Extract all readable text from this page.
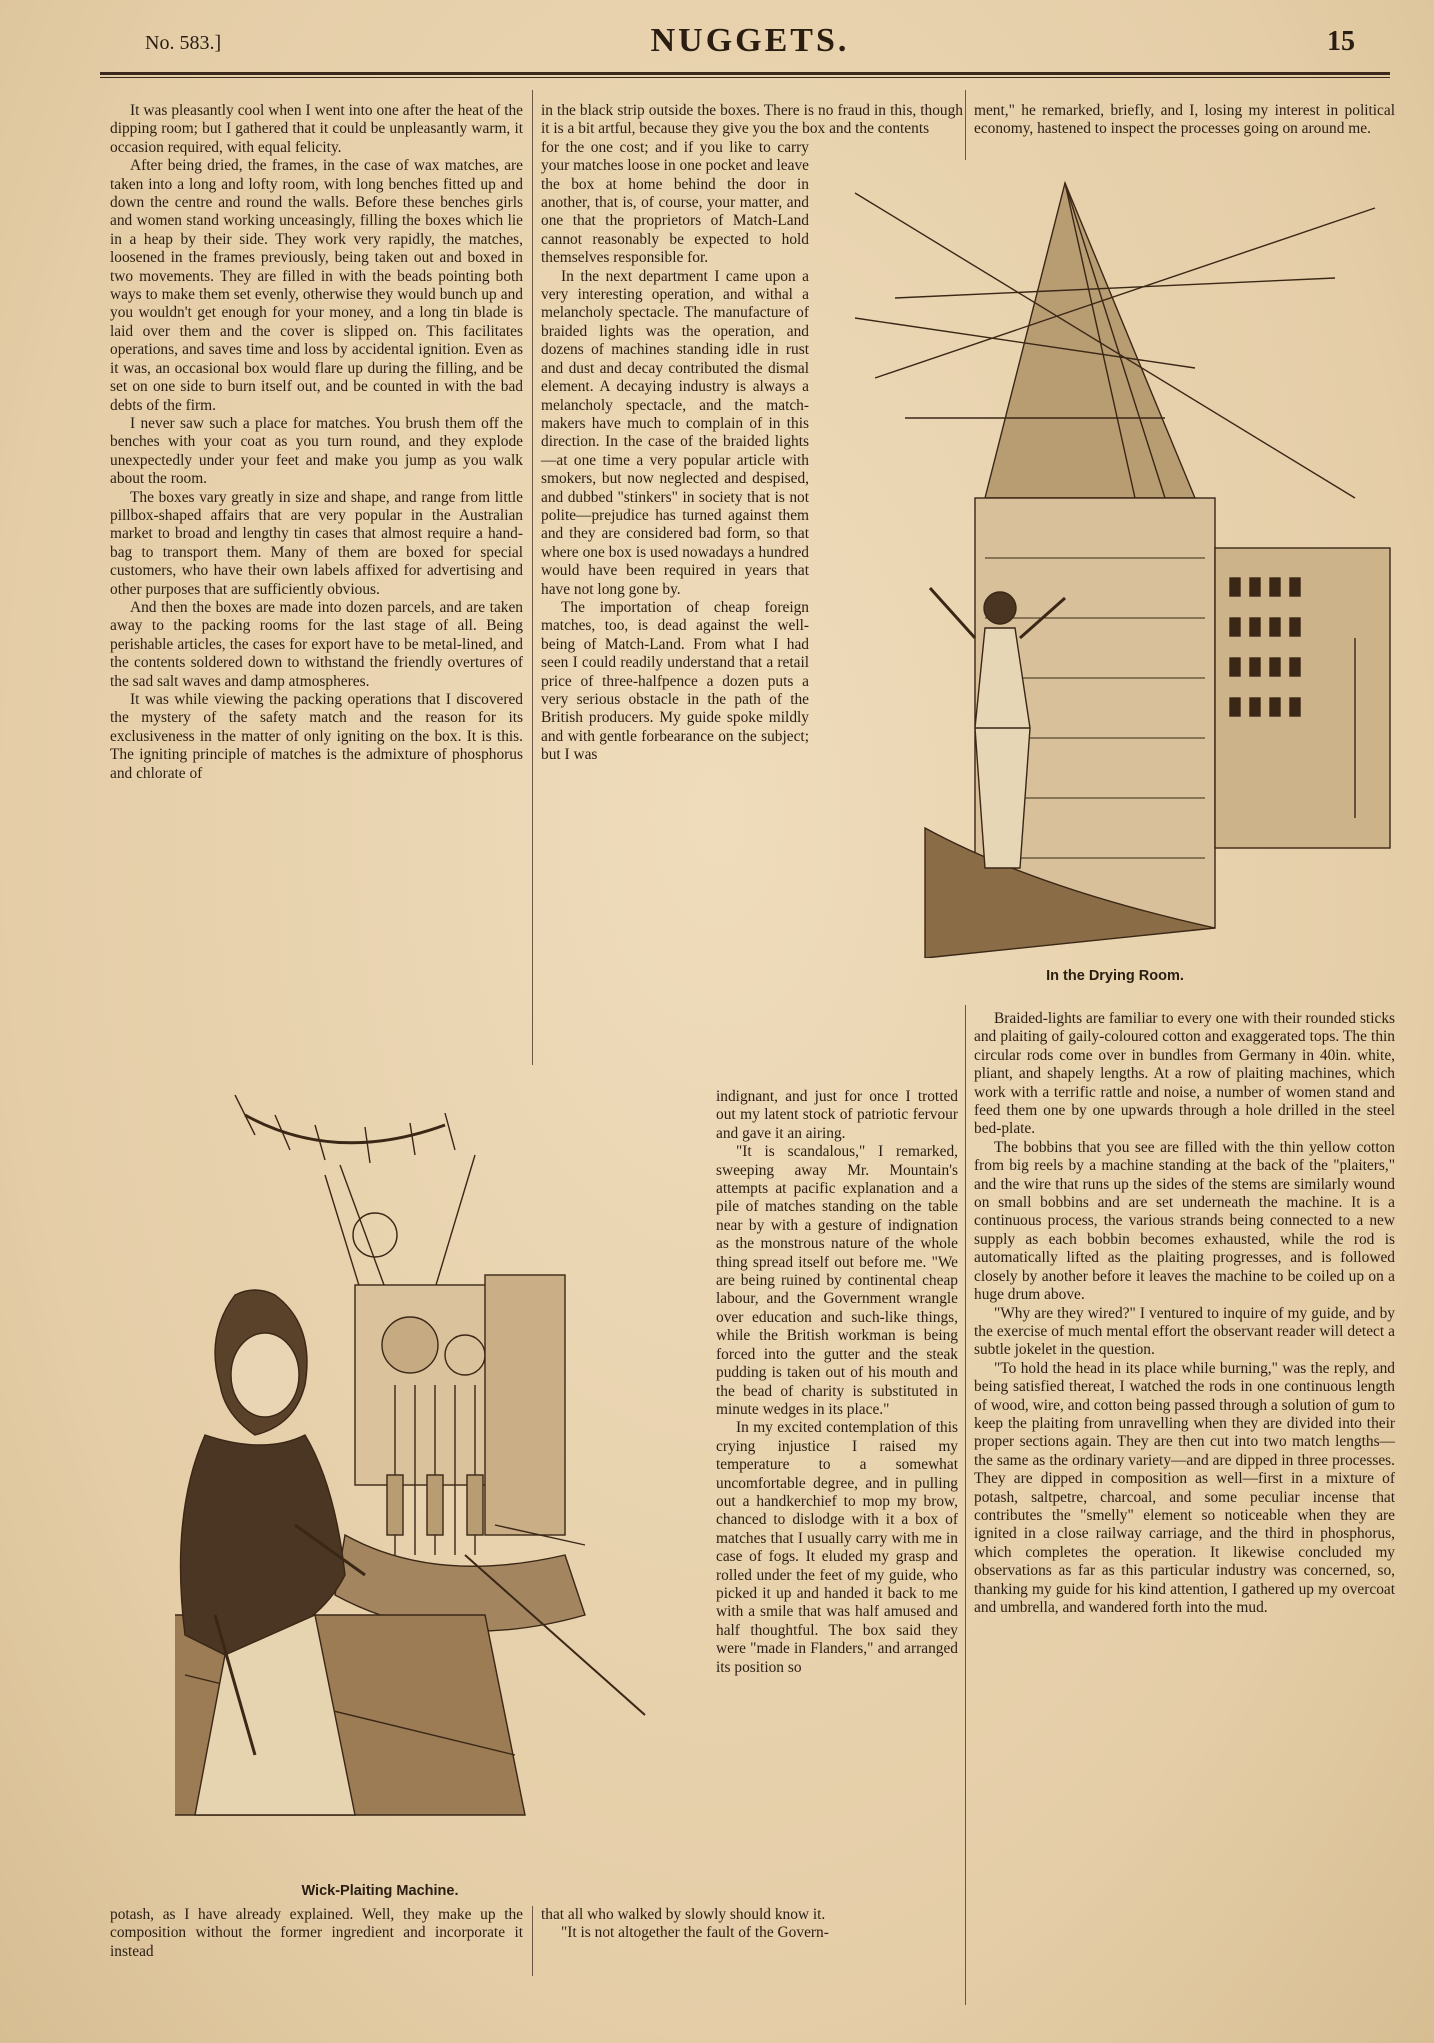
No. 583.]	NUGGETS.	15

It was pleasantly cool when I went into one after the heat of the dipping room; but I gathered that it could be unpleasantly warm, it occasion required, with equal felicity.

After being dried, the frames, in the case of wax matches, are taken into a long and lofty room, with long benches fitted up and down the centre and round the walls. Before these benches girls and women stand working unceasingly, filling the boxes which lie in a heap by their side. They work very rapidly, the matches, loosened in the frames previously, being taken out and boxed in two movements. They are filled in with the beads pointing both ways to make them set evenly, otherwise they would bunch up and you wouldn't get enough for your money, and a long tin blade is laid over them and the cover is slipped on. This facilitates operations, and saves time and loss by accidental ignition. Even as it was, an occasional box would flare up during the filling, and be set on one side to burn itself out, and be counted in with the bad debts of the firm.

I never saw such a place for matches. You brush them off the benches with your coat as you turn round, and they explode unexpectedly under your feet and make you jump as you walk about the room.

The boxes vary greatly in size and shape, and range from little pillbox-shaped affairs that are very popular in the Australian market to broad and lengthy tin cases that almost require a hand-bag to transport them. Many of them are boxed for special customers, who have their own labels affixed for advertising and other purposes that are sufficiently obvious.

And then the boxes are made into dozen parcels, and are taken away to the packing rooms for the last stage of all. Being perishable articles, the cases for export have to be metal-lined, and the contents soldered down to withstand the friendly overtures of the sad salt waves and damp atmospheres.

It was while viewing the packing operations that I discovered the mystery of the safety match and the reason for its exclusiveness in the matter of only igniting on the box. It is this. The igniting principle of matches is the admixture of phosphorus and chlorate of

in the black strip outside the boxes. There is no fraud in this, though it is a bit artful, because they give you the box and the contents

for the one cost; and if you like to carry your matches loose in one pocket and leave the box at home behind the door in another, that is, of course, your matter, and one that the proprietors of Match-Land cannot reasonably be expected to hold themselves responsible for.

In the next department I came upon a very interesting operation, and withal a melancholy spectacle. The manufacture of braided lights was the operation, and dozens of machines standing idle in rust and dust and decay contributed the dismal element. A decaying industry is always a melancholy spectacle, and the match-makers have much to complain of in this direction. In the case of the braided lights—at one time a very popular article with smokers, but now neglected and despised, and dubbed "stinkers" in society that is not polite—prejudice has turned against them and they are considered bad form, so that where one box is used nowadays a hundred would have been required in years that have not long gone by.

The importation of cheap foreign matches, too, is dead against the well-being of Match-Land. From what I had seen I could readily understand that a retail price of three-halfpence a dozen puts a very serious obstacle in the path of the British producers. My guide spoke mildly and with gentle forbearance on the subject; but I was

indignant, and just for once I trotted out my latent stock of patriotic fervour and gave it an airing.

"It is scandalous," I remarked, sweeping away Mr. Mountain's attempts at pacific explanation and a pile of matches standing on the table near by with a gesture of indignation as the monstrous nature of the whole thing spread itself out before me. "We are being ruined by continental cheap labour, and the Government wrangle over education and such-like things, while the British workman is being forced into the gutter and the steak pudding is taken out of his mouth and the bead of charity is substituted in minute wedges in its place."

In my excited contemplation of this crying injustice I raised my temperature to a somewhat uncomfortable degree, and in pulling out a handkerchief to mop my brow, chanced to dislodge with it a box of matches that I usually carry with me in case of fogs. It eluded my grasp and rolled under the feet of my guide, who picked it up and handed it back to me with a smile that was half amused and half thoughtful. The box said they were "made in Flanders," and arranged its position so

ment," he remarked, briefly, and I, losing my interest in political economy, hastened to inspect the processes going on around me.

Braided-lights are familiar to every one with their rounded sticks and plaiting of gaily-coloured cotton and exaggerated tops. The thin circular rods come over in bundles from Germany in 40in. white, pliant, and shapely lengths. At a row of plaiting machines, which work with a terrific rattle and noise, a number of women stand and feed them one by one upwards through a hole drilled in the steel bed-plate.

The bobbins that you see are filled with the thin yellow cotton from big reels by a machine standing at the back of the "plaiters," and the wire that runs up the sides of the stems are similarly wound on small bobbins and are set underneath the machine. It is a continuous process, the various strands being connected to a new supply as each bobbin becomes exhausted, while the rod is automatically lifted as the plaiting progresses, and is followed closely by another before it leaves the machine to be coiled up on a huge drum above.

"Why are they wired?" I ventured to inquire of my guide, and by the exercise of much mental effort the observant reader will detect a subtle jokelet in the question.

"To hold the head in its place while burning," was the reply, and being satisfied thereat, I watched the rods in one continuous length of wood, wire, and cotton being passed through a solution of gum to keep the plaiting from unravelling when they are divided into their proper sections again. They are then cut into two match lengths—the same as the ordinary variety—and are dipped in three processes. They are dipped in composition as well—first in a mixture of potash, saltpetre, charcoal, and some peculiar incense that contributes the "smelly" element so noticeable when they are ignited in a close railway carriage, and the third in phosphorus, which completes the operation. It likewise concluded my observations as far as this particular industry was concerned, so, thanking my guide for his kind attention, I gathered up my overcoat and umbrella, and wandered forth into the mud.

potash, as I have already explained. Well, they make up the composition without the former ingredient and incorporate it instead

that all who walked by slowly should know it.

"It is not altogether the fault of the Govern-

In the Drying Room.
Wick-Plaiting Machine.
